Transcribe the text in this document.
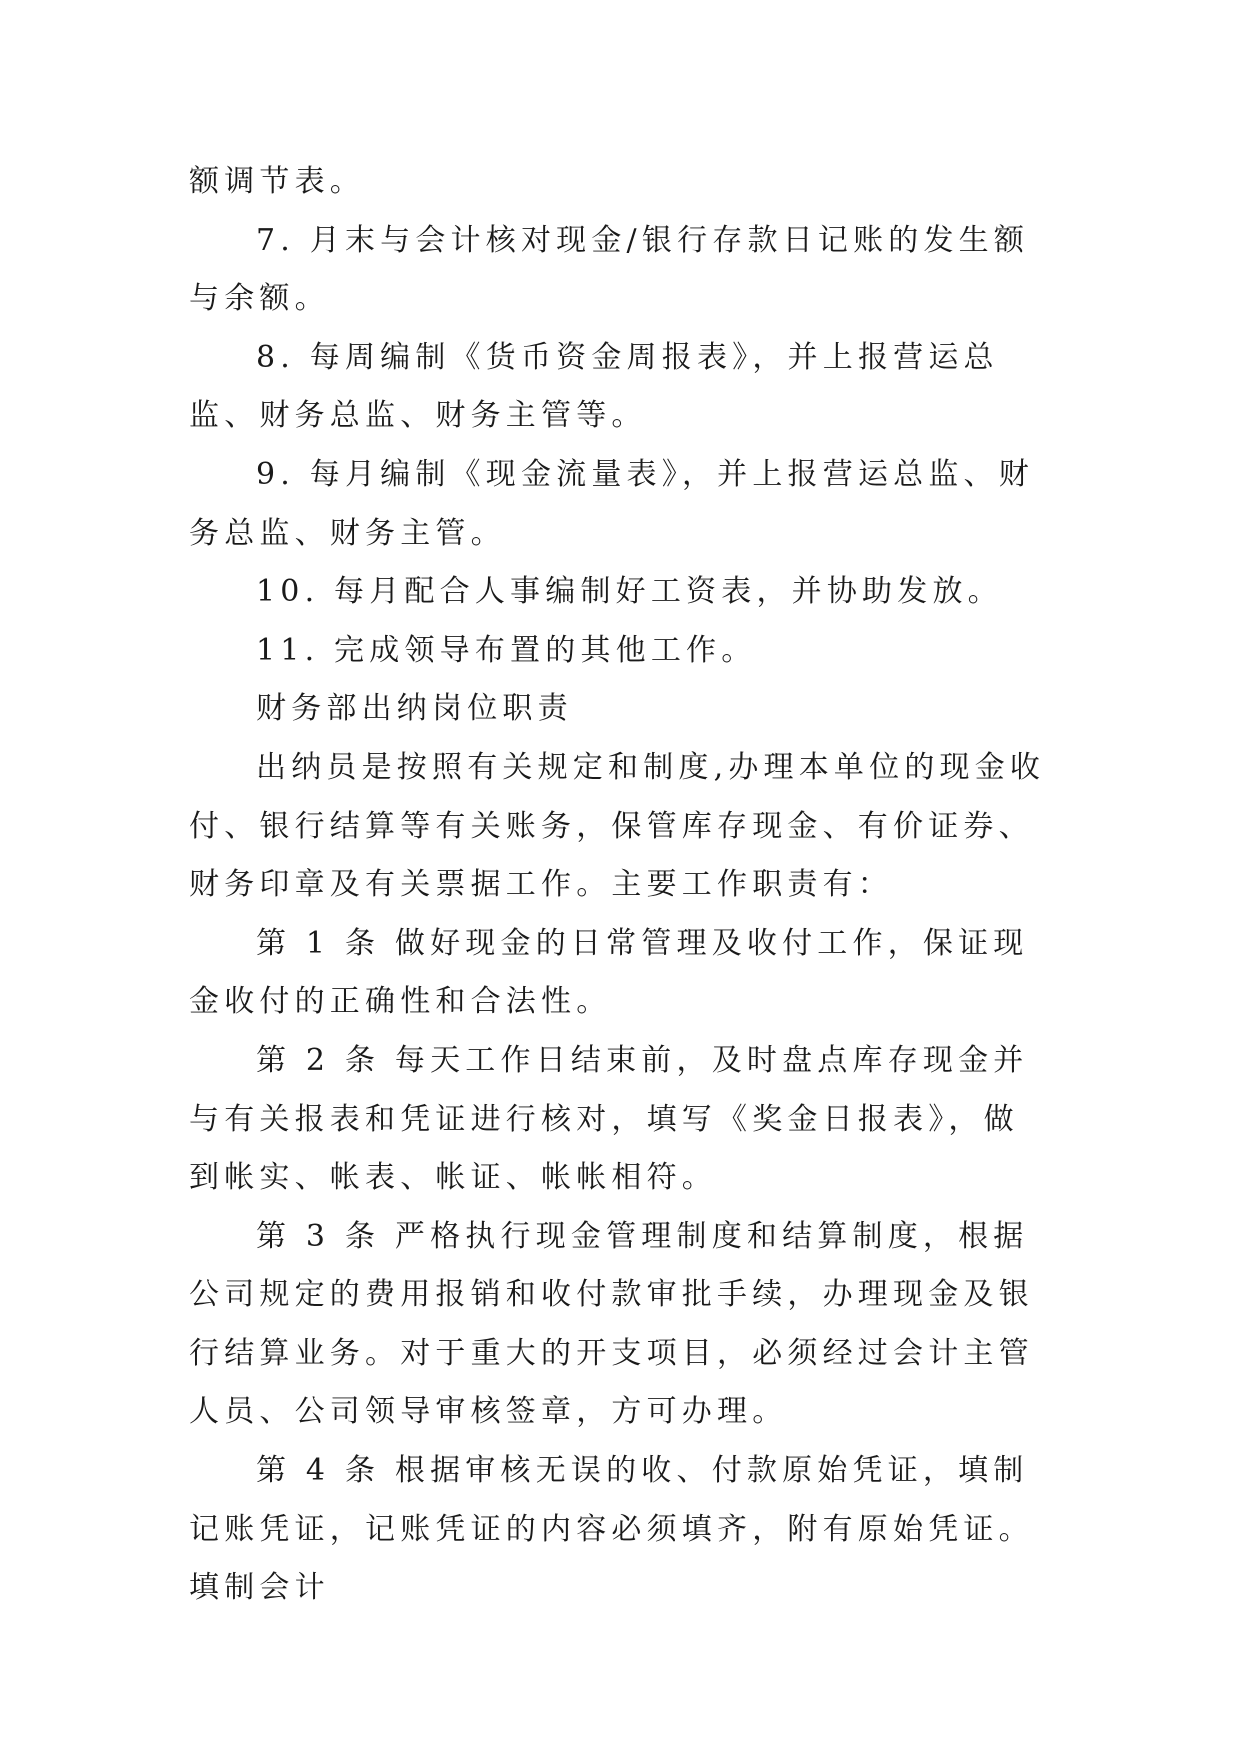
额调节表。

7. 月末与会计核对现金/银行存款日记账的发生额与余额。

8. 每周编制《货币资金周报表》，并上报营运总监、财务总监、财务主管等。

9. 每月编制《现金流量表》，并上报营运总监、财务总监、财务主管。

10. 每月配合人事编制好工资表，并协助发放。

11. 完成领导布置的其他工作。

财务部出纳岗位职责

出纳员是按照有关规定和制度,办理本单位的现金收付、银行结算等有关账务，保管库存现金、有价证券、财务印章及有关票据工作。主要工作职责有：

第 1 条 做好现金的日常管理及收付工作，保证现金收付的正确性和合法性。

第 2 条 每天工作日结束前，及时盘点库存现金并与有关报表和凭证进行核对，填写《奖金日报表》，做到帐实、帐表、帐证、帐帐相符。

第 3 条 严格执行现金管理制度和结算制度，根据公司规定的费用报销和收付款审批手续，办理现金及银行结算业务。对于重大的开支项目，必须经过会计主管人员、公司领导审核签章，方可办理。

第 4 条 根据审核无误的收、付款原始凭证，填制记账凭证，记账凭证的内容必须填齐，附有原始凭证。填制会计
